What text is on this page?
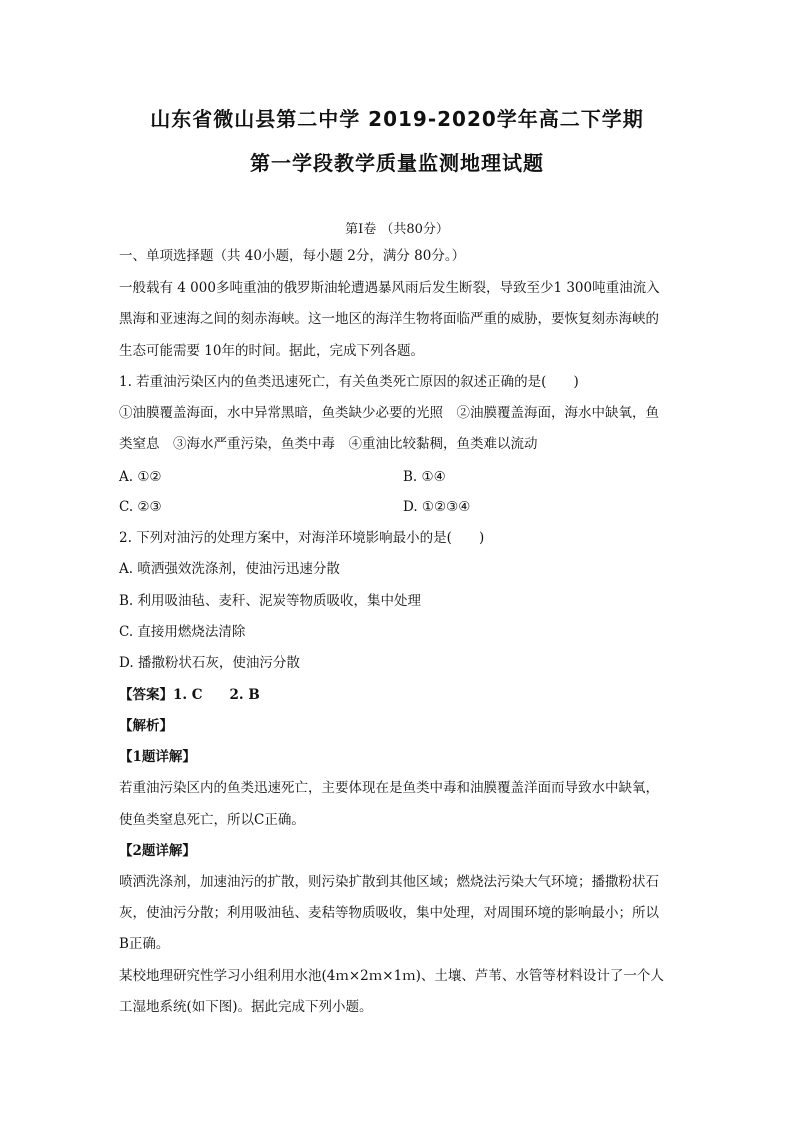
山东省微山县第二中学 2019-2020学年高二下学期
第一学段教学质量监测地理试题
第Ⅰ卷 （共80分）
一、单项选择题（共 40小题，每小题 2分，满分 80分。）
一般载有 4 000多吨重油的俄罗斯油轮遭遇暴风雨后发生断裂，导致至少1 300吨重油流入
黑海和亚速海之间的刻赤海峡。这一地区的海洋生物将面临严重的威胁，要恢复刻赤海峡的
生态可能需要 10年的时间。据此，完成下列各题。
1. 若重油污染区内的鱼类迅速死亡，有关鱼类死亡原因的叙述正确的是(　　)
①油膜覆盖海面，水中异常黑暗，鱼类缺少必要的光照　②油膜覆盖海面，海水中缺氧，鱼
类窒息　③海水严重污染，鱼类中毒　④重油比较黏稠，鱼类难以流动
A. ①②	B. ①④
C. ②③	D. ①②③④
2. 下列对油污的处理方案中，对海洋环境影响最小的是(　　)
A. 喷洒强效洗涤剂，使油污迅速分散
B. 利用吸油毡、麦秆、泥炭等物质吸收，集中处理
C. 直接用燃烧法清除
D. 播撒粉状石灰，使油污分散
【答案】1. C　　2. B
【解析】
【1题详解】
若重油污染区内的鱼类迅速死亡，主要体现在是鱼类中毒和油膜覆盖洋面而导致水中缺氧，
使鱼类窒息死亡，所以C正确。
【2题详解】
喷洒洗涤剂，加速油污的扩散，则污染扩散到其他区域；燃烧法污染大气环境；播撒粉状石
灰，使油污分散；利用吸油毡、麦秸等物质吸收，集中处理，对周围环境的影响最小；所以
B正确。
某校地理研究性学习小组利用水池(4ｍ×2ｍ×1ｍ)、土壤、芦苇、水管等材料设计了一个人
工湿地系统(如下图)。据此完成下列小题。
